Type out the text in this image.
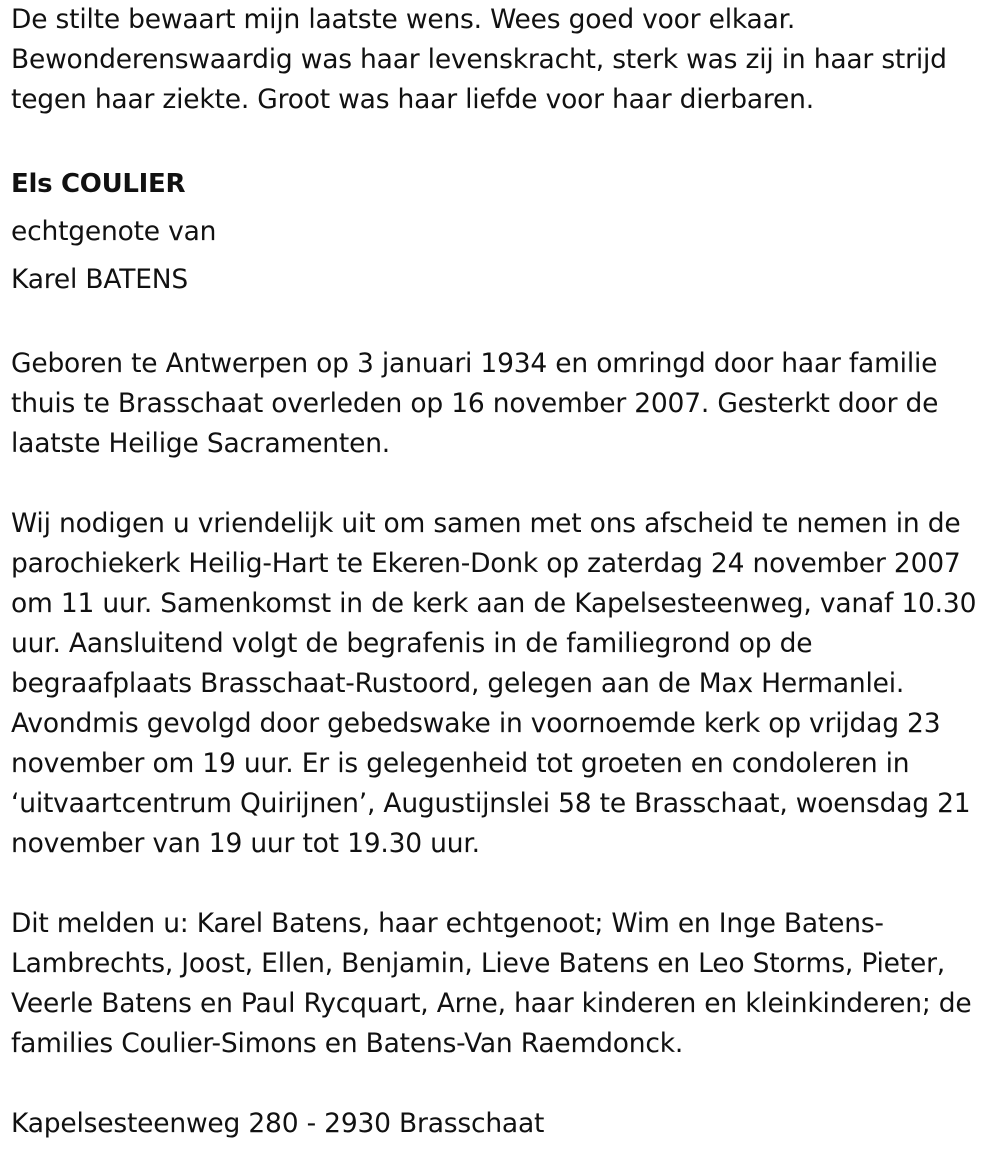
De stilte bewaart mijn laatste wens. Wees goed voor elkaar.
Bewonderenswaardig was haar levenskracht, sterk was zij in haar strijd
tegen haar ziekte. Groot was haar liefde voor haar dierbaren.
Els COULIER
echtgenote van
Karel BATENS
Geboren te Antwerpen op 3 januari 1934 en omringd door haar familie
thuis te Brasschaat overleden op 16 november 2007. Gesterkt door de
laatste Heilige Sacramenten.
Wij nodigen u vriendelijk uit om samen met ons afscheid te nemen in de
parochiekerk Heilig-Hart te Ekeren-Donk op zaterdag 24 november 2007
om 11 uur. Samenkomst in de kerk aan de Kapelsesteenweg, vanaf 10.30
uur. Aansluitend volgt de begrafenis in de familiegrond op de
begraafplaats Brasschaat-Rustoord, gelegen aan de Max Hermanlei.
Avondmis gevolgd door gebedswake in voornoemde kerk op vrijdag 23
november om 19 uur. Er is gelegenheid tot groeten en condoleren in
‘uitvaartcentrum Quirijnen’, Augustijnslei 58 te Brasschaat, woensdag 21
november van 19 uur tot 19.30 uur.
Dit melden u: Karel Batens, haar echtgenoot; Wim en Inge Batens-
Lambrechts, Joost, Ellen, Benjamin, Lieve Batens en Leo Storms, Pieter,
Veerle Batens en Paul Rycquart, Arne, haar kinderen en kleinkinderen; de
families Coulier-Simons en Batens-Van Raemdonck.
Kapelsesteenweg 280 - 2930 Brasschaat
